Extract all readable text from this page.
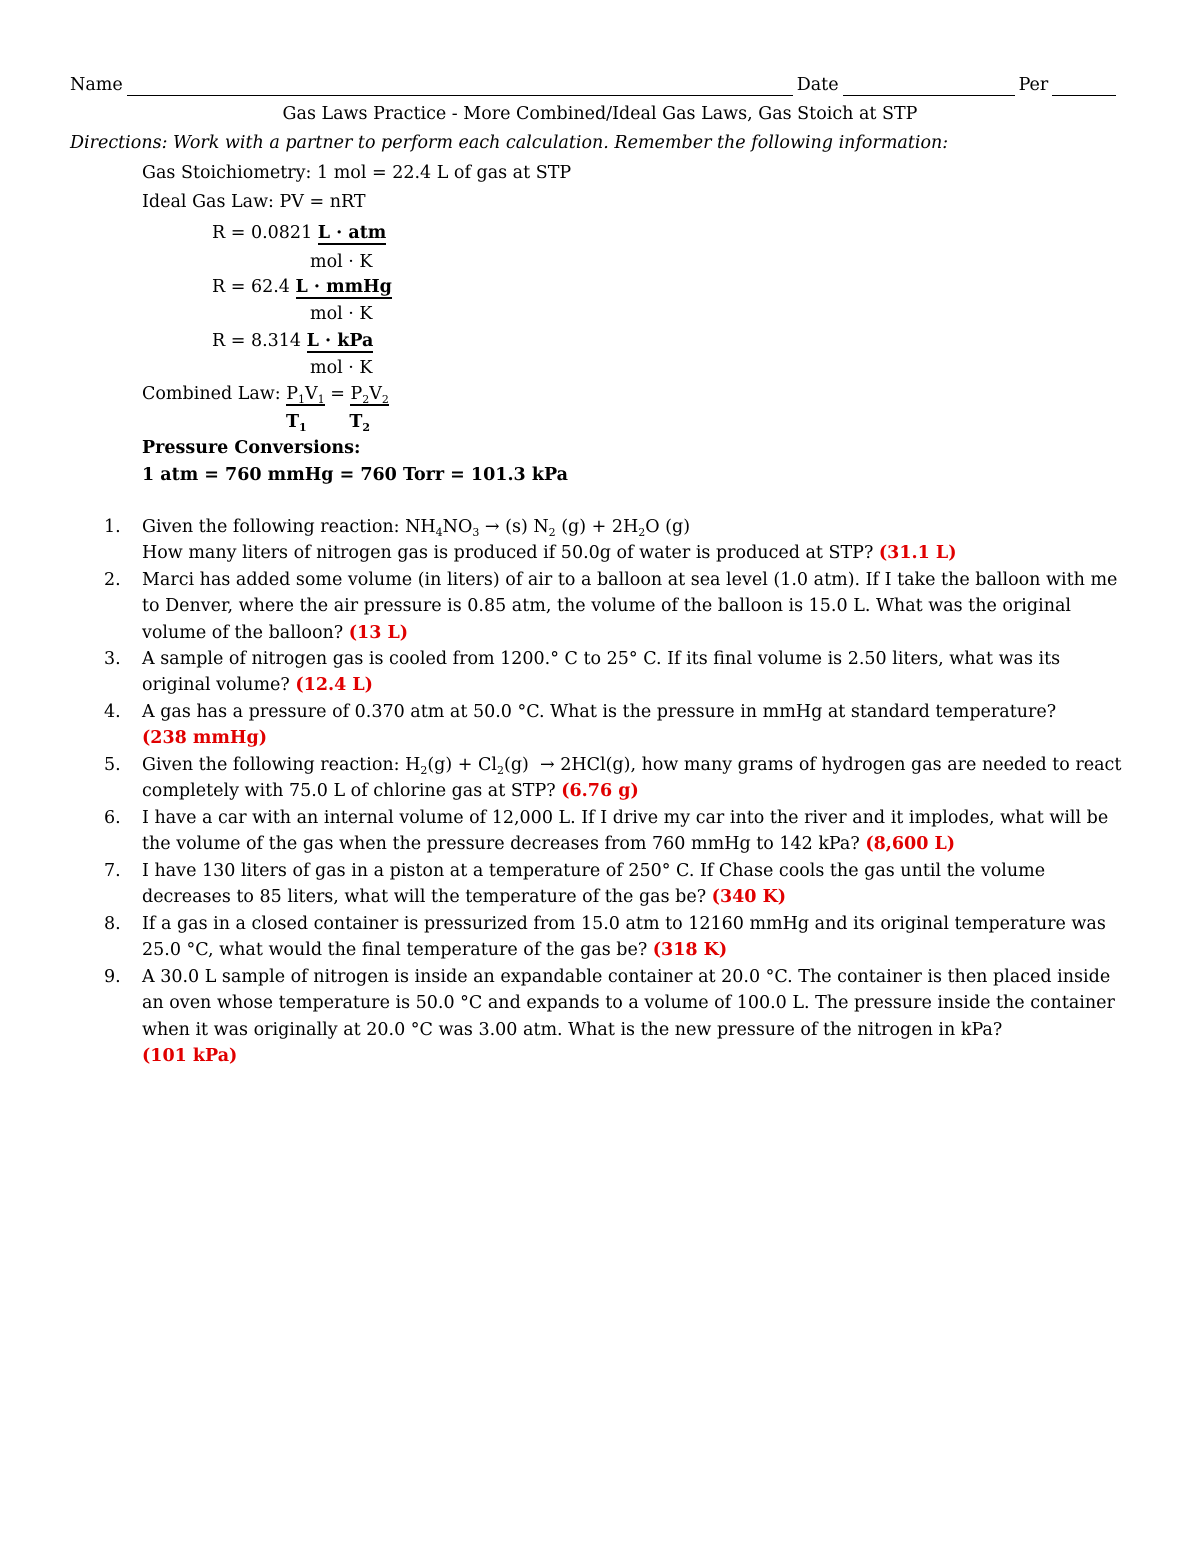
Name	Date	Per
Gas Laws Practice - More Combined/Ideal Gas Laws, Gas Stoich at STP
Directions: Work with a partner to perform each calculation. Remember the following information:
Gas Stoichiometry: 1 mol = 22.4 L of gas at STP
Ideal Gas Law: PV = nRT
R = 0.0821 L · atm
mol · K
R = 62.4 L · mmHg
mol · K
R = 8.314 L · kPa
mol · K
Combined Law: $P_1V_1 = P_2V_2$
$T_1$       $T_2$
Pressure Conversions:
1 atm = 760 mmHg = 760 Torr = 101.3 kPa
1.	Given the following reaction: $NH_4NO_3 \to (s)$ $N_2$ $(g) + 2H_2O$ (g)
How many liters of nitrogen gas is produced if 50.0g of water is produced at STP? (31.1 L)
2.	Marci has added some volume (in liters) of air to a balloon at sea level (1.0 atm). If I take the balloon with me to Denver, where the air pressure is 0.85 atm, the volume of the balloon is 15.0 L. What was the original volume of the balloon? (13 L)
3.	A sample of nitrogen gas is cooled from 1200.° C to 25° C. If its final volume is 2.50 liters, what was its original volume? (12.4 L)
4.	A gas has a pressure of 0.370 atm at 50.0 °C. What is the pressure in mmHg at standard temperature?
(238 mmHg)
5.	Given the following reaction: $H_2(g) + Cl_2(g) \to 2HCl(g)$, how many grams of hydrogen gas are needed to react completely with 75.0 L of chlorine gas at STP? (6.76 g)
6.	I have a car with an internal volume of 12,000 L. If I drive my car into the river and it implodes, what will be the volume of the gas when the pressure decreases from 760 mmHg to 142 kPa? (8,600 L)
7.	I have 130 liters of gas in a piston at a temperature of 250° C. If Chase cools the gas until the volume decreases to 85 liters, what will the temperature of the gas be? (340 K)
8.	If a gas in a closed container is pressurized from 15.0 atm to 12160 mmHg and its original temperature was 25.0 °C, what would the final temperature of the gas be? (318 K)
9.	A 30.0 L sample of nitrogen is inside an expandable container at 20.0 °C. The container is then placed inside an oven whose temperature is 50.0 °C and expands to a volume of 100.0 L. The pressure inside the container when it was originally at 20.0 °C was 3.00 atm. What is the new pressure of the nitrogen in kPa?
(101 kPa)
